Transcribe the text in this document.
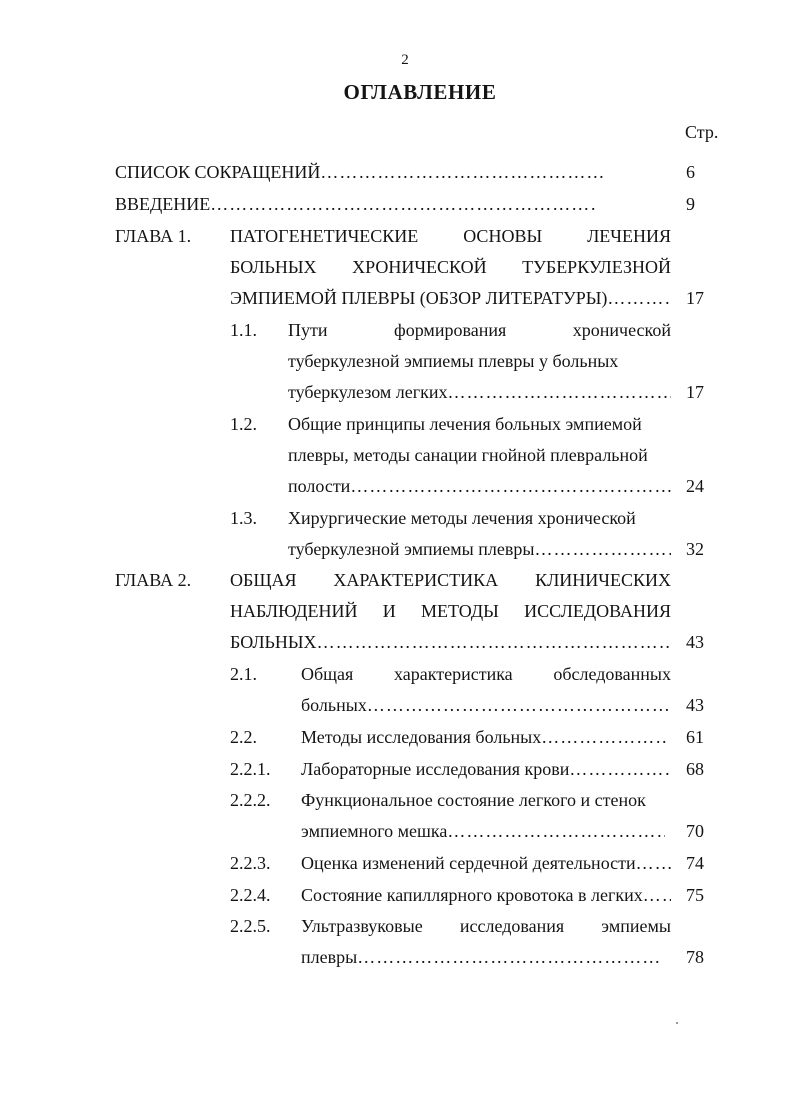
2
ОГЛАВЛЕНИЕ
Стр.
СПИСОК СОКРАЩЕНИЙ ………………………………………………………………………………………………………………	6
ВВЕДЕНИЕ ………………………………………………………………………………………………………………	9
ГЛАВА 1. ПАТОГЕНЕТИЧЕСКИЕ ОСНОВЫ ЛЕЧЕНИЯ
БОЛЬНЫХ ХРОНИЧЕСКОЙ ТУБЕРКУЛЕЗНОЙ
ЭМПИЕМОЙ ПЛЕВРЫ (ОБЗОР ЛИТЕРАТУРЫ) ………………………………………………………………………………………………………………	17
1.1. Пути формирования хронической
туберкулезной эмпиемы плевры у больных
туберкулезом легких ………………………………………………………………………………………………………………	17
1.2. Общие принципы лечения больных эмпиемой
плевры, методы санации гнойной плевральной
полости ………………………………………………………………………………………………………………	24
1.3. Хирургические методы лечения хронической
туберкулезной эмпиемы плевры ………………………………………………………………………………………………………………	32
ГЛАВА 2. ОБЩАЯ ХАРАКТЕРИСТИКА КЛИНИЧЕСКИХ
НАБЛЮДЕНИЙ И МЕТОДЫ ИССЛЕДОВАНИЯ
БОЛЬНЫХ ………………………………………………………………………………………………………………	43
2.1. Общая характеристика обследованных
больных ………………………………………………………………………………………………………………	43
2.2. Методы исследования больных ………………………………………………………………………………………………………………	61
2.2.1. Лабораторные исследования крови ………………………………………………………………………………………………………………	68
2.2.2. Функциональное состояние легкого и стенок
эмпиемного мешка ………………………………………………………………………………………………………………	70
2.2.3. Оценка изменений сердечной деятельности ………………………………………………………………………………………………………………	74
2.2.4. Состояние капиллярного кровотока в легких ……………………………………………………………………………………………………………… 75
2.2.5. Ультразвуковые исследования эмпиемы
плевры ………………………………………………………………………………………………………………	78
